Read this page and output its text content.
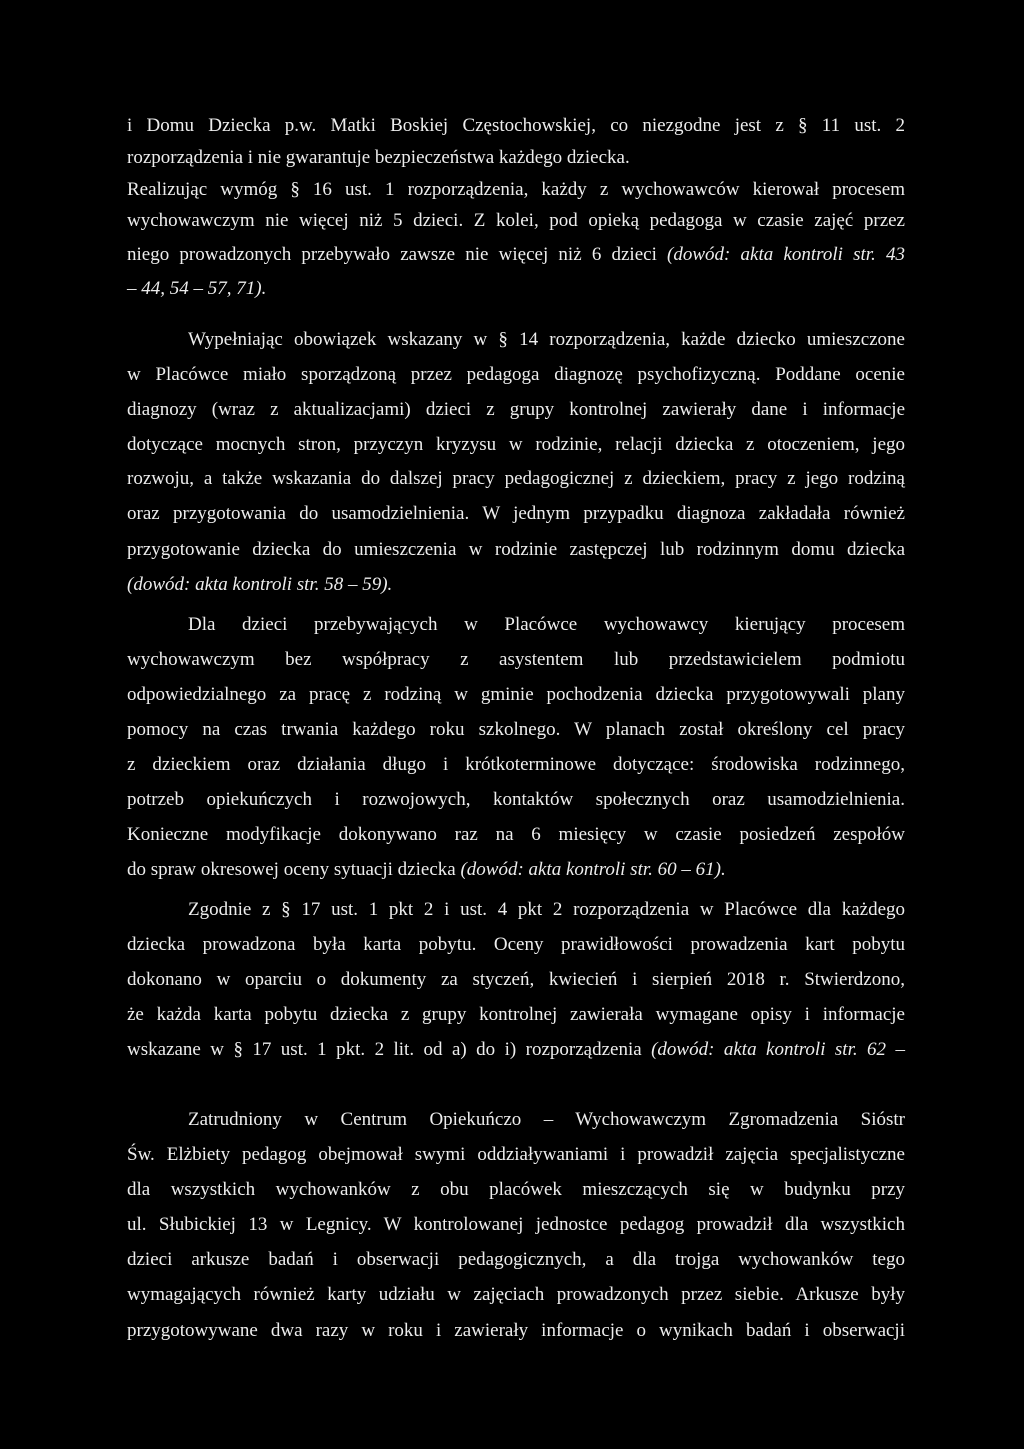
i Domu Dziecka p.w. Matki Boskiej Częstochowskiej, co niezgodne jest z § 11 ust. 2
rozporządzenia i nie gwarantuje bezpieczeństwa każdego dziecka.
Realizując wymóg § 16 ust. 1 rozporządzenia, każdy z wychowawców kierował procesem
wychowawczym nie więcej niż 5 dzieci. Z kolei, pod opieką pedagoga w czasie zajęć przez
niego prowadzonych przebywało zawsze nie więcej niż 6 dzieci (dowód: akta kontroli str. 43
– 44, 54 – 57, 71).
Wypełniając obowiązek wskazany w § 14 rozporządzenia, każde dziecko umieszczone
w Placówce miało sporządzoną przez pedagoga diagnozę psychofizyczną. Poddane ocenie
diagnozy (wraz z aktualizacjami) dzieci z grupy kontrolnej zawierały dane i informacje
dotyczące mocnych stron, przyczyn kryzysu w rodzinie, relacji dziecka z otoczeniem, jego
rozwoju, a także wskazania do dalszej pracy pedagogicznej z dzieckiem, pracy z jego rodziną
oraz przygotowania do usamodzielnienia. W jednym przypadku diagnoza zakładała również
przygotowanie dziecka do umieszczenia w rodzinie zastępczej lub rodzinnym domu dziecka
(dowód: akta kontroli str. 58 – 59).
Dla dzieci przebywających w Placówce wychowawcy kierujący procesem
wychowawczym bez współpracy z asystentem lub przedstawicielem podmiotu
odpowiedzialnego za pracę z rodziną w gminie pochodzenia dziecka przygotowywali plany
pomocy na czas trwania każdego roku szkolnego. W planach został określony cel pracy
z dzieckiem oraz działania długo i krótkoterminowe dotyczące: środowiska rodzinnego,
potrzeb opiekuńczych i rozwojowych, kontaktów społecznych oraz usamodzielnienia.
Konieczne modyfikacje dokonywano raz na 6 miesięcy w czasie posiedzeń zespołów
do spraw okresowej oceny sytuacji dziecka (dowód: akta kontroli str. 60 – 61).
Zgodnie z § 17 ust. 1 pkt 2 i ust. 4 pkt 2 rozporządzenia w Placówce dla każdego
dziecka prowadzona była karta pobytu. Oceny prawidłowości prowadzenia kart pobytu
dokonano w oparciu o dokumenty za styczeń, kwiecień i sierpień 2018 r. Stwierdzono,
że każda karta pobytu dziecka z grupy kontrolnej zawierała wymagane opisy i informacje
wskazane w § 17 ust. 1 pkt. 2 lit. od a) do i) rozporządzenia (dowód: akta kontroli str. 62 –
Zatrudniony w Centrum Opiekuńczo – Wychowawczym Zgromadzenia Sióstr
Św. Elżbiety pedagog obejmował swymi oddziaływaniami i prowadził zajęcia specjalistyczne
dla wszystkich wychowanków z obu placówek mieszczących się w budynku przy
ul. Słubickiej 13 w Legnicy. W kontrolowanej jednostce pedagog prowadził dla wszystkich
dzieci arkusze badań i obserwacji pedagogicznych, a dla trojga wychowanków tego
wymagających również karty udziału w zajęciach prowadzonych przez siebie. Arkusze były
przygotowywane dwa razy w roku i zawierały informacje o wynikach badań i obserwacji
